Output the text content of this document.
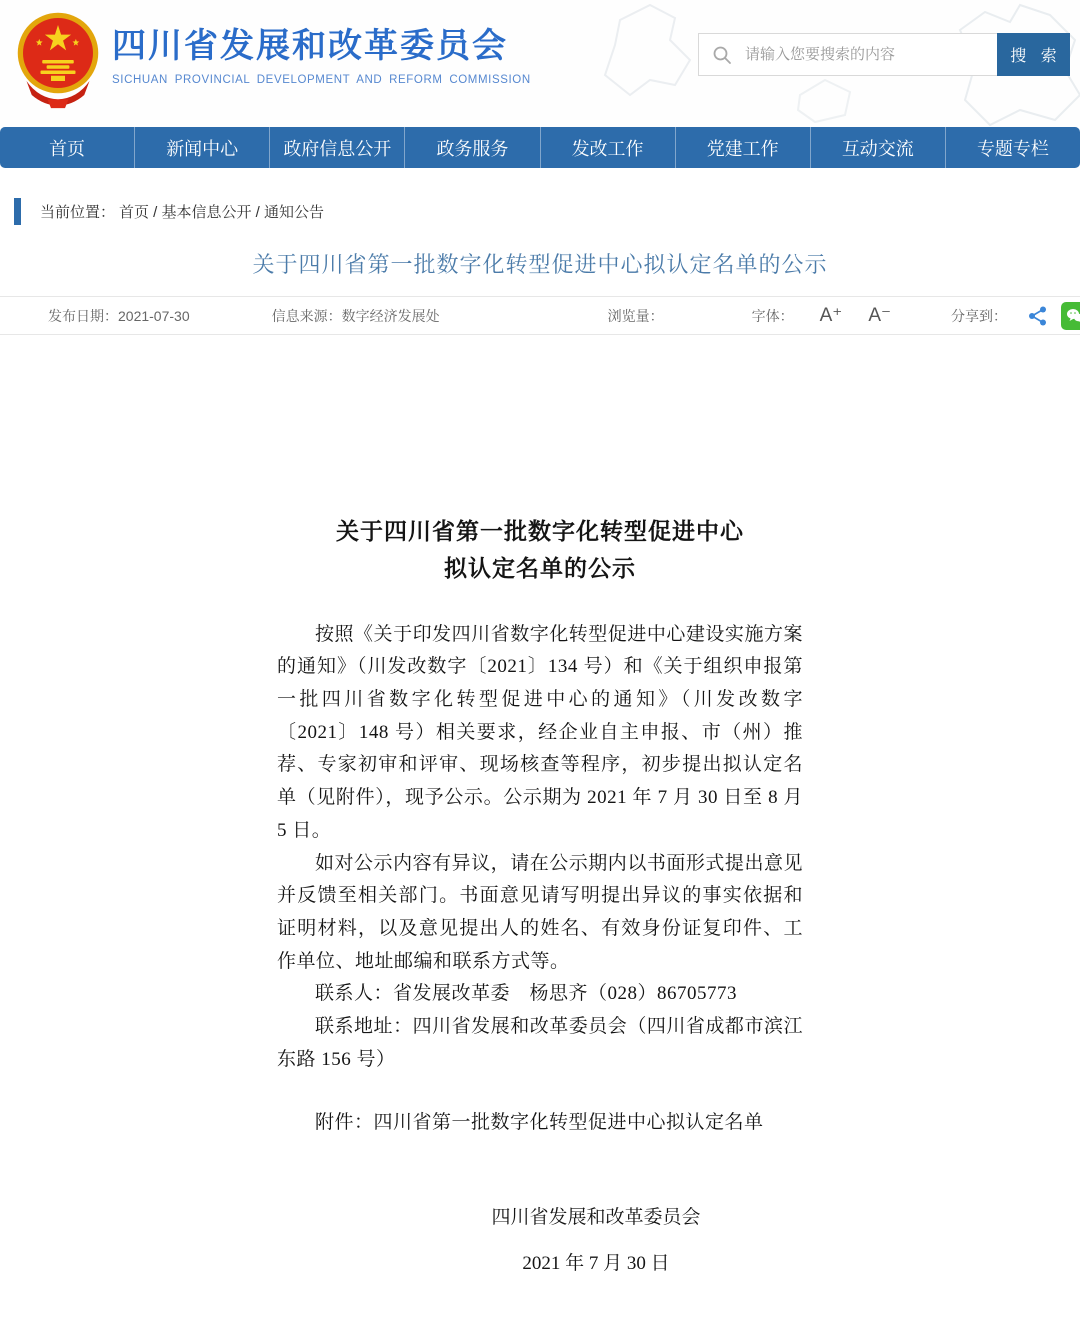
四川省发展和改革委员会
SICHUAN PROVINCIAL DEVELOPMENT AND REFORM COMMISSION
请输入您要搜索的内容
搜 索
首页	新闻中心	政府信息公开	政务服务	发改工作	党建工作	互动交流	专题专栏
当前位置： 首页 / 基本信息公开 / 通知公告
关于四川省第一批数字化转型促进中心拟认定名单的公示
发布日期： 2021-07-30	信息来源： 数字经济发展处	浏览量：	字体： A⁺ A⁻	分享到：
关于四川省第一批数字化转型促进中心
拟认定名单的公示

按照《关于印发四川省数字化转型促进中心建设实施方案的通知》（川发改数字〔2021〕134 号）和《关于组织申报第一批四川省数字化转型促进中心的通知》（川发改数字〔2021〕148 号）相关要求，经企业自主申报、市（州）推荐、专家初审和评审、现场核查等程序，初步提出拟认定名单（见附件），现予公示。公示期为 2021 年 7 月 30 日至 8 月 5 日。

如对公示内容有异议，请在公示期内以书面形式提出意见并反馈至相关部门。书面意见请写明提出异议的事实依据和证明材料，以及意见提出人的姓名、有效身份证复印件、工作单位、地址邮编和联系方式等。

联系人：省发展改革委　杨思齐（028）86705773

联系地址：四川省发展和改革委员会（四川省成都市滨江东路 156 号）

附件：四川省第一批数字化转型促进中心拟认定名单

四川省发展和改革委员会
2021 年 7 月 30 日
